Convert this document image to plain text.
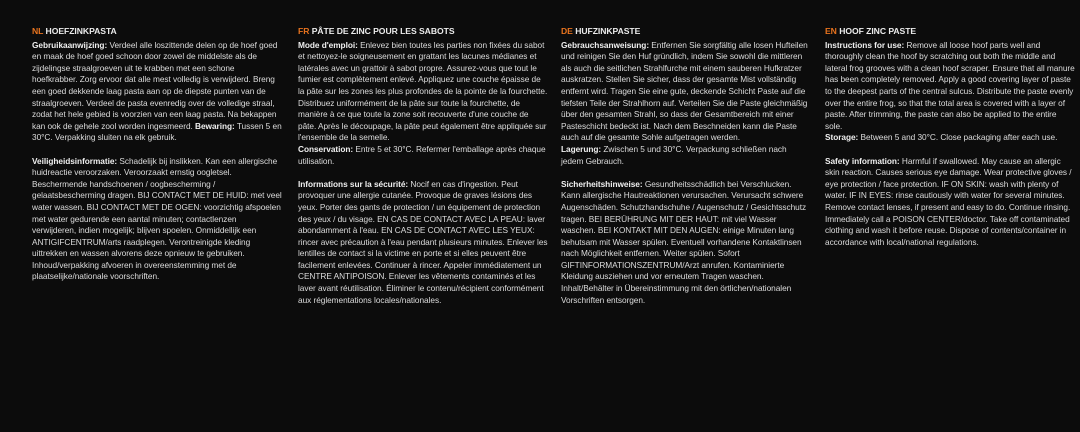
NL HOEFZINKPASTA

Gebruikaanwijzing: Verdeel alle loszittende delen op de hoef goed en maak de hoef goed schoon door zowel de middelste als de zijdelingse straalgroeven uit te krabben met een schone hoefkrabber. Zorg ervoor dat alle mest volledig is verwijderd. Breng een goed dekkende laag pasta aan op de diepste punten van de straalgroeven. Verdeel de pasta evenredig over de volledige straal, zodat het hele gebied is voorzien van een laag pasta. Na bekappen kan ook de gehele zool worden ingesmeerd. Bewaring: Tussen 5 en 30°C. Verpakking sluiten na elk gebruik.

Veiligheidsinformatie: Schadelijk bij inslikken. Kan een allergische huidreactie veroorzaken. Veroorzaakt ernstig oogletsel. Beschermende handschoenen / oogbescherming / gelaatsbescherming dragen. BIJ CONTACT MET DE HUID: met veel water wassen. BIJ CONTACT MET DE OGEN: voorzichtig afspoelen met water gedurende een aantal minuten; contactlenzen verwijderen, indien mogelijk; blijven spoelen. Onmiddellijk een ANTIGIFCENTRUM/arts raadplegen. Verontreinigde kleding uittrekken en wassen alvorens deze opnieuw te gebruiken. Inhoud/verpakking afvoeren in overeenstemming met de plaatselijke/nationale voorschriften.

FR PÂTE DE ZINC POUR LES SABOTS

Mode d'emploi: Enlevez bien toutes les parties non fixées du sabot et nettoyez-le soigneusement en grattant les lacunes médianes et latérales avec un grattoir à sabot propre. Assurez-vous que tout le fumier est complètement enlevé. Appliquez une couche épaisse de la pâte sur les zones les plus profondes de la pointe de la fourchette. Distribuez uniformément de la pâte sur toute la fourchette, de manière à ce que toute la zone soit recouverte d'une couche de pâte. Après le découpage, la pâte peut également être appliquée sur l'ensemble de la semelle.
Conservation: Entre 5 et 30°C. Refermer l'emballage après chaque utilisation.

Informations sur la sécurité: Nocif en cas d'ingestion. Peut provoquer une allergie cutanée. Provoque de graves lésions des yeux. Porter des gants de protection / un équipement de protection des yeux / du visage. EN CAS DE CONTACT AVEC LA PEAU: laver abondamment à l'eau. EN CAS DE CONTACT AVEC LES YEUX: rincer avec précaution à l'eau pendant plusieurs minutes. Enlever les lentilles de contact si la victime en porte et si elles peuvent être facilement enlevées. Continuer à rincer. Appeler immédiatement un CENTRE ANTIPOISON. Enlever les vêtements contaminés et les laver avant réutilisation. Éliminer le contenu/récipient conformément aux réglementations locales/nationales.

DE HUFZINKPASTE

Gebrauchsanweisung: Entfernen Sie sorgfältig alle losen Hufteilen und reinigen Sie den Huf gründlich, indem Sie sowohl die mittleren als auch die seitlichen Strahlfurche mit einem sauberen Hufkratzer auskratzen. Stellen Sie sicher, dass der gesamte Mist vollständig entfernt wird. Tragen Sie eine gute, deckende Schicht Paste auf die tiefsten Teile der Strahlhorn auf. Verteilen Sie die Paste gleichmäßig über den gesamten Strahl, so dass der Gesamtbereich mit einer Pasteschicht bedeckt ist. Nach dem Beschneiden kann die Paste auch auf die gesamte Sohle aufgetragen werden.
Lagerung: Zwischen 5 und 30°C. Verpackung schließen nach jedem Gebrauch.

Sicherheitshinweise: Gesundheitsschädlich bei Verschlucken. Kann allergische Hautreaktionen verursachen. Verursacht schwere Augenschäden. Schutzhandschuhe / Augenschutz / Gesichtsschutz tragen. BEI BERÜHRUNG MIT DER HAUT: mit viel Wasser waschen. BEI KONTAKT MIT DEN AUGEN: einige Minuten lang behutsam mit Wasser spülen. Eventuell vorhandene Kontaktlinsen nach Möglichkeit entfernen. Weiter spülen. Sofort GIFTINFORMATIONSZENTRUM/Arzt anrufen. Kontaminierte Kleidung ausziehen und vor erneutem Tragen waschen. Inhalt/Behälter in Übereinstimmung mit den örtlichen/nationalen Vorschriften entsorgen.

EN HOOF ZINC PASTE

Instructions for use: Remove all loose hoof parts well and thoroughly clean the hoof by scratching out both the middle and lateral frog grooves with a clean hoof scraper. Ensure that all manure has been completely removed. Apply a good covering layer of paste to the deepest parts of the central sulcus. Distribute the paste evenly over the entire frog, so that the total area is covered with a layer of paste. After trimming, the paste can also be applied to the entire sole.
Storage: Between 5 and 30°C. Close packaging after each use.

Safety information: Harmful if swallowed. May cause an allergic skin reaction. Causes serious eye damage. Wear protective gloves / eye protection / face protection. IF ON SKIN: wash with plenty of water. IF IN EYES: rinse cautiously with water for several minutes. Remove contact lenses, if present and easy to do. Continue rinsing. Immediately call a POISON CENTER/doctor. Take off contaminated clothing and wash it before reuse. Dispose of contents/container in accordance with local/national regulations.
